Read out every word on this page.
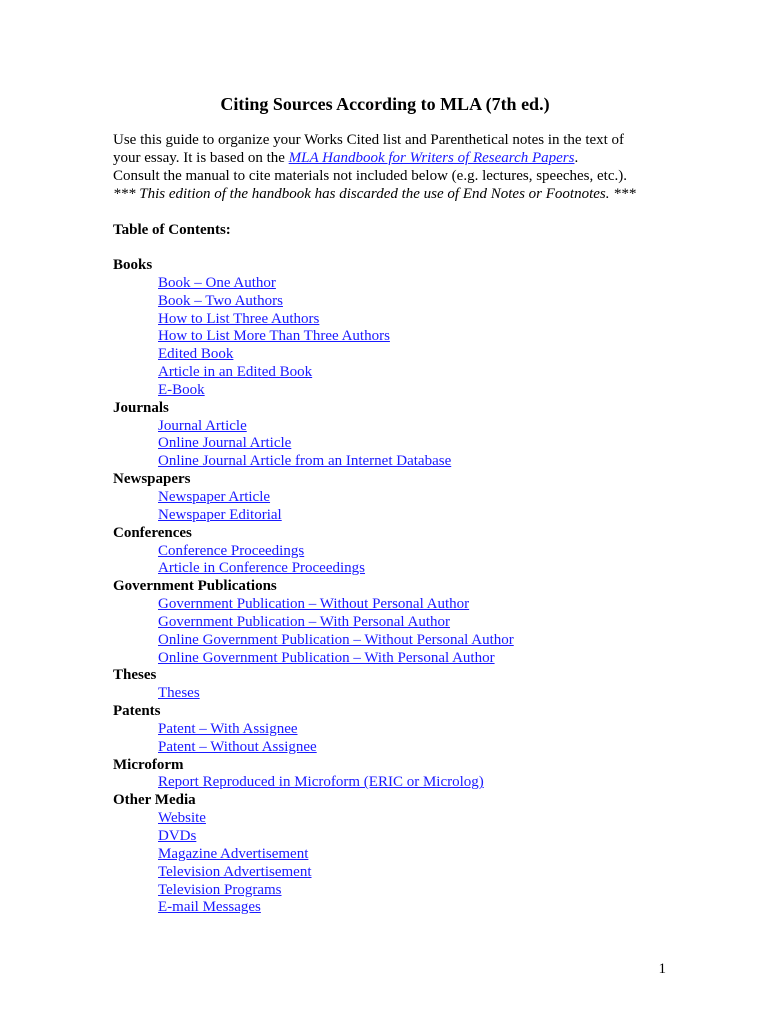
Citing Sources According to MLA (7th ed.)
Use this guide to organize your Works Cited list and Parenthetical notes in the text of
your essay. It is based on the MLA Handbook for Writers of Research Papers.
Consult the manual to cite materials not included below (e.g. lectures, speeches, etc.).
*** This edition of the handbook has discarded the use of End Notes or Footnotes. ***
Table of Contents:
Books
Book – One Author
Book – Two Authors
How to List Three Authors
How to List More Than Three Authors
Edited Book
Article in an Edited Book
E-Book
Journals
Journal Article
Online Journal Article
Online Journal Article from an Internet Database
Newspapers
Newspaper Article
Newspaper Editorial
Conferences
Conference Proceedings
Article in Conference Proceedings
Government Publications
Government Publication – Without Personal Author
Government Publication – With Personal Author
Online Government Publication – Without Personal Author
Online Government Publication – With Personal Author
Theses
Theses
Patents
Patent – With Assignee
Patent – Without Assignee
Microform
Report Reproduced in Microform (ERIC or Microlog)
Other Media
Website
DVDs
Magazine Advertisement
Television Advertisement
Television Programs
E-mail Messages
1
